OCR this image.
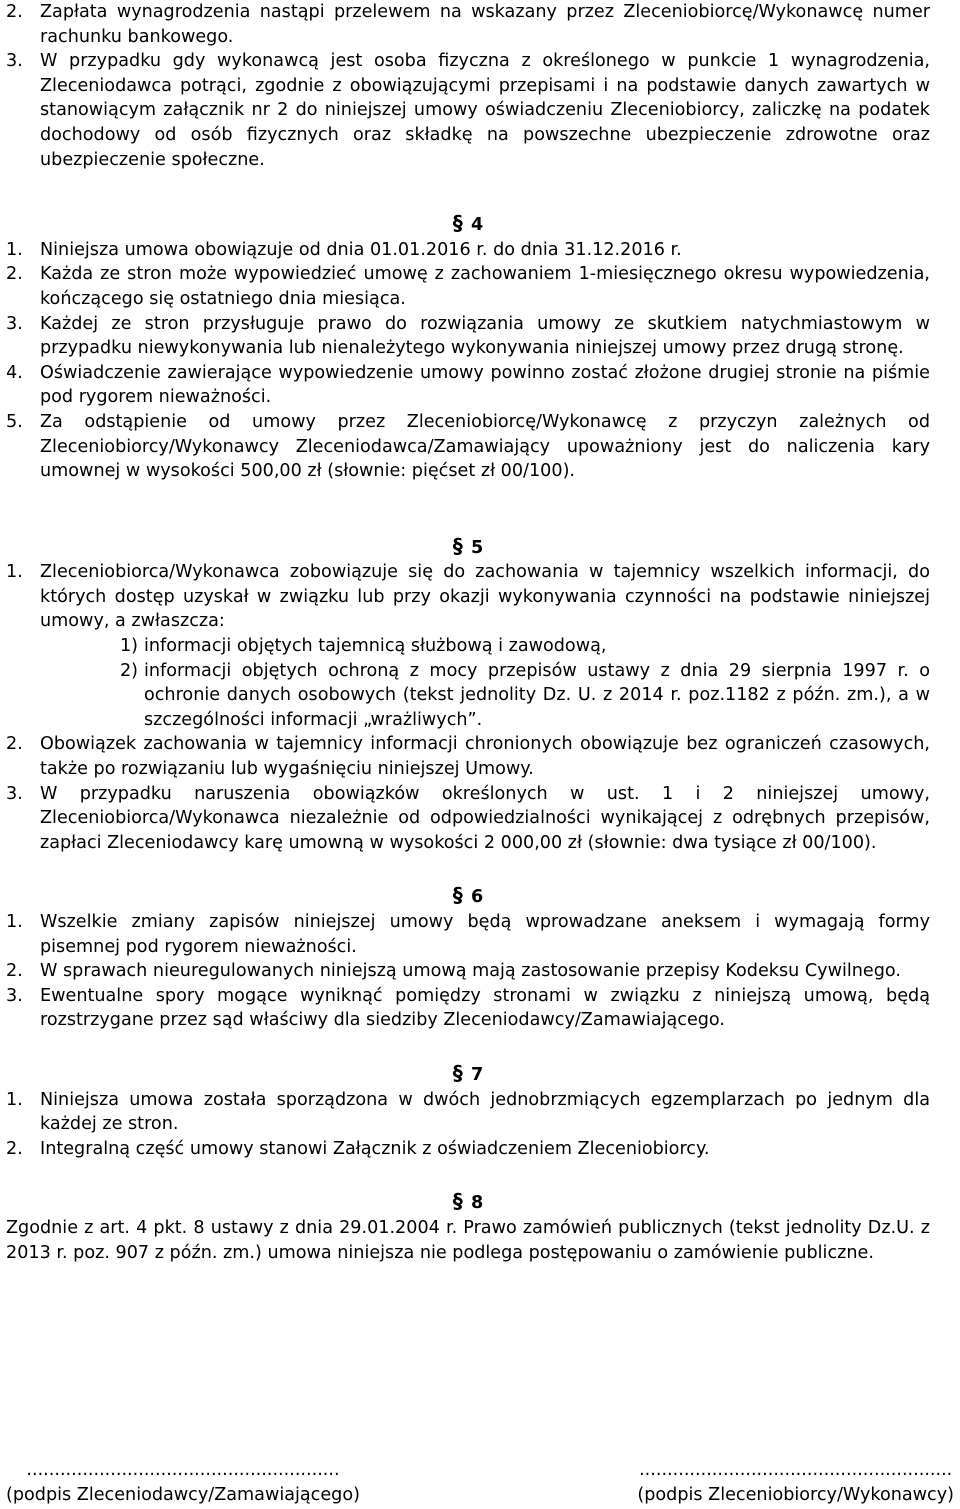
2. Zapłata wynagrodzenia nastąpi przelewem na wskazany przez Zleceniobiorcę/Wykonawcę numer rachunku bankowego.
3. W przypadku gdy wykonawcą jest osoba fizyczna z określonego w punkcie 1 wynagrodzenia, Zleceniodawca potrąci, zgodnie z obowiązującymi przepisami i na podstawie danych zawartych w stanowiącym załącznik nr 2 do niniejszej umowy oświadczeniu Zleceniobiorcy, zaliczkę na podatek dochodowy od osób fizycznych oraz składkę na powszechne ubezpieczenie zdrowotne oraz ubezpieczenie społeczne.
§ 4
1. Niniejsza umowa obowiązuje od dnia 01.01.2016 r. do dnia 31.12.2016 r.
2. Każda ze stron może wypowiedzieć umowę z zachowaniem 1-miesięcznego okresu wypowiedzenia, kończącego się ostatniego dnia miesiąca.
3. Każdej ze stron przysługuje prawo do rozwiązania umowy ze skutkiem natychmiastowym w przypadku niewykonywania lub nienależytego wykonywania niniejszej umowy przez drugą stronę.
4. Oświadczenie zawierające wypowiedzenie umowy powinno zostać złożone drugiej stronie na piśmie pod rygorem nieważności.
5. Za odstąpienie od umowy przez Zleceniobiorcę/Wykonawcę z przyczyn zależnych od Zleceniobiorcy/Wykonawcy Zleceniodawca/Zamawiający upoważniony jest do naliczenia kary umownej w wysokości 500,00 zł (słownie: pięćset zł 00/100).
§ 5
1. Zleceniobiorca/Wykonawca zobowiązuje się do zachowania w tajemnicy wszelkich informacji, do których dostęp uzyskał w związku lub przy okazji wykonywania czynności na podstawie niniejszej umowy, a zwłaszcza:
1) informacji objętych tajemnicą służbową i zawodową,
2) informacji objętych ochroną z mocy przepisów ustawy z dnia 29 sierpnia 1997 r. o ochronie danych osobowych (tekst jednolity Dz. U. z 2014 r. poz.1182 z późn. zm.), a w szczególności informacji „wrażliwych”.
2. Obowiązek zachowania w tajemnicy informacji chronionych obowiązuje bez ograniczeń czasowych, także po rozwiązaniu lub wygaśnięciu niniejszej Umowy.
3. W przypadku naruszenia obowiązków określonych w ust. 1 i 2 niniejszej umowy, Zleceniobiorca/Wykonawca niezależnie od odpowiedzialności wynikającej z odrębnych przepisów, zapłaci Zleceniodawcy karę umowną w wysokości 2 000,00 zł (słownie: dwa tysiące zł 00/100).
§ 6
1. Wszelkie zmiany zapisów niniejszej umowy będą wprowadzane aneksem i wymagają formy pisemnej pod rygorem nieważności.
2. W sprawach nieuregulowanych niniejszą umową mają zastosowanie przepisy Kodeksu Cywilnego.
3. Ewentualne spory mogące wyniknąć pomiędzy stronami w związku z niniejszą umową, będą rozstrzygane przez sąd właściwy dla siedziby Zleceniodawcy/Zamawiającego.
§ 7
1. Niniejsza umowa została sporządzona w dwóch jednobrzmiących egzemplarzach po jednym dla każdej ze stron.
2. Integralną część umowy stanowi Załącznik z oświadczeniem Zleceniobiorcy.
§ 8
Zgodnie z art. 4 pkt. 8 ustawy z dnia 29.01.2004 r. Prawo zamówień publicznych (tekst jednolity Dz.U. z 2013 r. poz. 907 z późn. zm.) umowa niniejsza nie podlega postępowaniu o zamówienie publiczne.
........................................................
(podpis Zleceniodawcy/Zamawiającego)
........................................................
(podpis Zleceniobiorcy/Wykonawcy)
